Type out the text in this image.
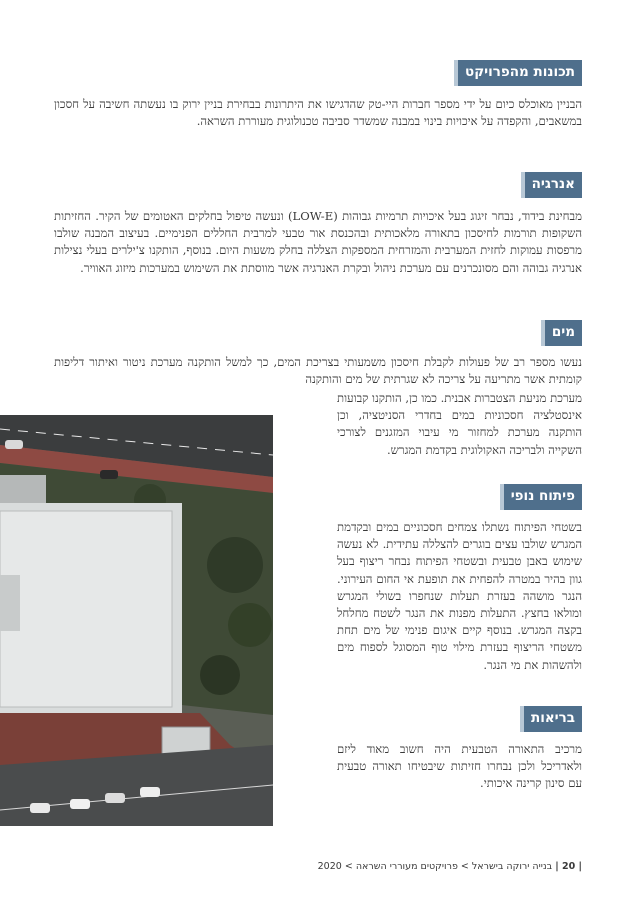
תכונות מהפרויקט
הבניין מאוכלס כיום על ידי מספר חברות היי-טק שהדגישו את היתרונות בבחירת בניין ירוק בו נעשתה חשיבה על חסכון במשאבים, והקפדה על איכויות בינוי במבנה שמשדר סביבה טכנולוגית מעוררת השראה.
אנרגיה
מבחינת בידוד, נבחר זיגוג בעל איכויות תרמיות גבוהות (LOW-E) ונעשה טיפול בחלקים האטומים של הקיר. החזיתות השקופות תורמות לחיסכון בתאורה מלאכותית ובהכנסת אור טבעי למרבית החללים הפנימיים. בעיצוב המבנה שולבו מרפסות עמוקות לחזית המערבית והמזרחית המספקות הצללה בחלק משעות היום. בנוסף, הותקנו צ'ילרים בעלי נצילות אנרגיה גבוהה והם מסונכרנים עם מערכת ניהול ובקרת האנרגיה אשר מווסתת את השימוש במערכות מיזוג האוויר.
מים
נעשו מספר רב של פעולות לקבלת חיסכון משמעותי בצריכת המים, כך למשל הותקנה מערכת ניטור ואיתור דליפות קומתית אשר מתריעה על צריכה לא שגרתית של מים והותקנה
מערכת מניעת הצטברות אבנית. כמו כן, הותקנו קבועות אינסטלציה חסכוניות במים בחדרי הסניטציה, וכן הותקנה מערכת למחזור מי עיבוי המזגנים לצורכי השקייה ולבריכה האקולוגית בקדמת המגרש.
פיתוח נופי
בשטחי הפיתוח נשתלו צמחים חסכוניים במים ובקדמת המגרש שולבו עצים בוגרים להצללה עתידית. לא נעשה שימוש באבן טבעית ובשטחי הפיתוח נבחר ריצוף בעל גוון בהיר במטרה להפחית את תופעת אי החום העירוני. הנגר מושהה בעזרת תעלות שנחפרו בשולי המגרש ומולאו בחצץ. התעלות מפנות את הנגר לשטח מחלחל בקצה המגרש. בנוסף קיים איגום פנימי של מים תחת משטחי הריצוף בעזרת מילוי טוף המסוגל לספוח מים ולהשהות את מי הנגר.
בריאות
מרכיב התאורה הטבעית היה חשוב מאוד ליזם ולאדריכל ולכן נבחרו חזיתות שיבטיחו תאורה טבעית עם סינון קרינה איכותי.
| 20 | בנייה ירוקה בישראל > פרויקטים מעוררי השראה > 2020
